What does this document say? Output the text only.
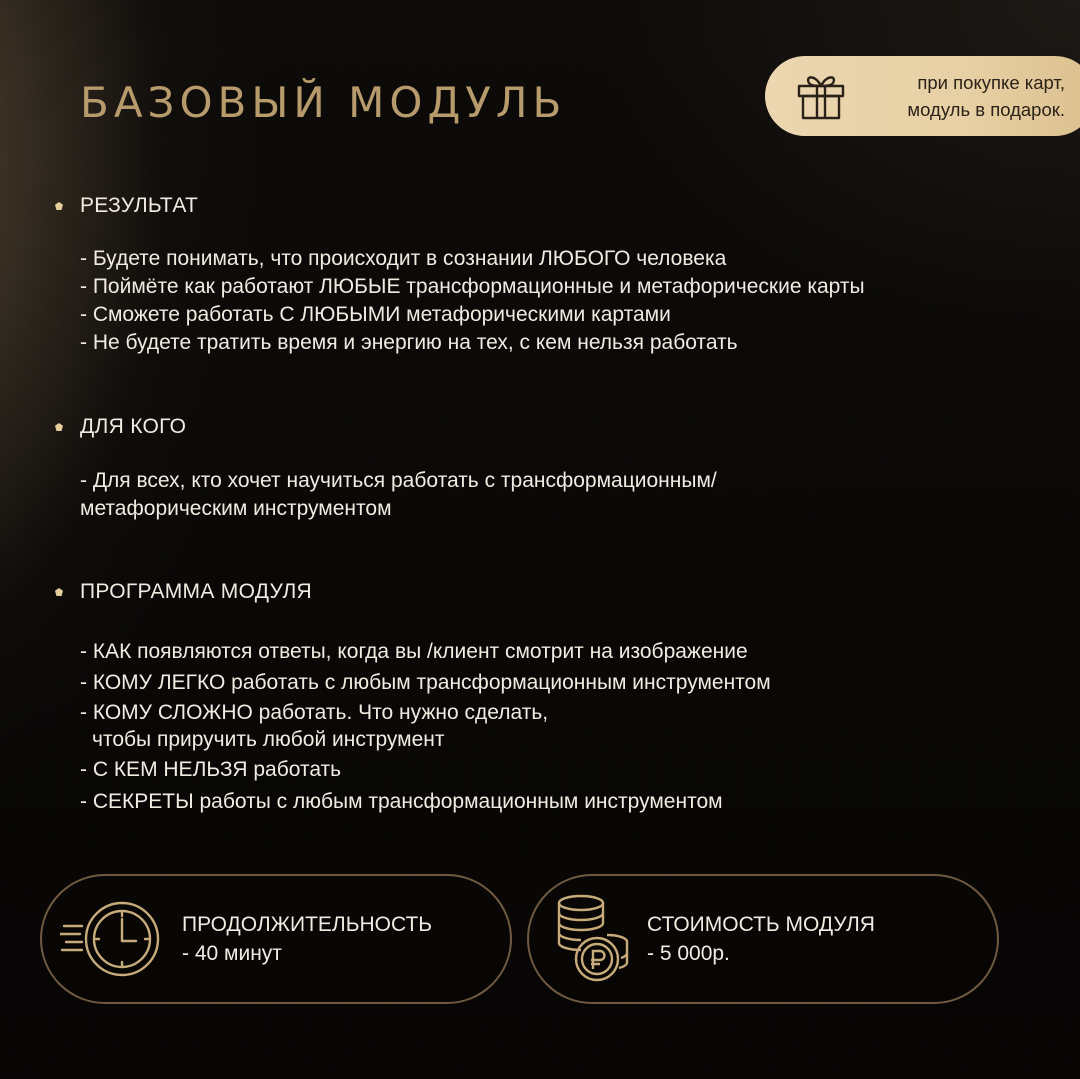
БАЗОВЫЙ МОДУЛЬ	при покупке карт,
модуль в подарок.
РЕЗУЛЬТАТ
- Будете понимать, что происходит в сознании ЛЮБОГО человека
- Поймёте как работают ЛЮБЫЕ трансформационные и метафорические карты
- Сможете работать С ЛЮБЫМИ метафорическими картами
- Не будете тратить время и энергию на тех, с кем нельзя работать
ДЛЯ КОГО
- Для всех, кто хочет научиться работать с трансформационным/
метафорическим инструментом
ПРОГРАММА МОДУЛЯ
- КАК появляются ответы, когда вы /клиент смотрит на изображение
- КОМУ ЛЕГКО работать с любым трансформационным инструментом
- КОМУ СЛОЖНО работать. Что нужно сделать,
чтобы приручить любой инструмент
- С КЕМ НЕЛЬЗЯ работать
- СЕКРЕТЫ работы с любым трансформационным инструментом
ПРОДОЛЖИТЕЛЬНОСТЬ
- 40 минут
СТОИМОСТЬ МОДУЛЯ
- 5 000р.
